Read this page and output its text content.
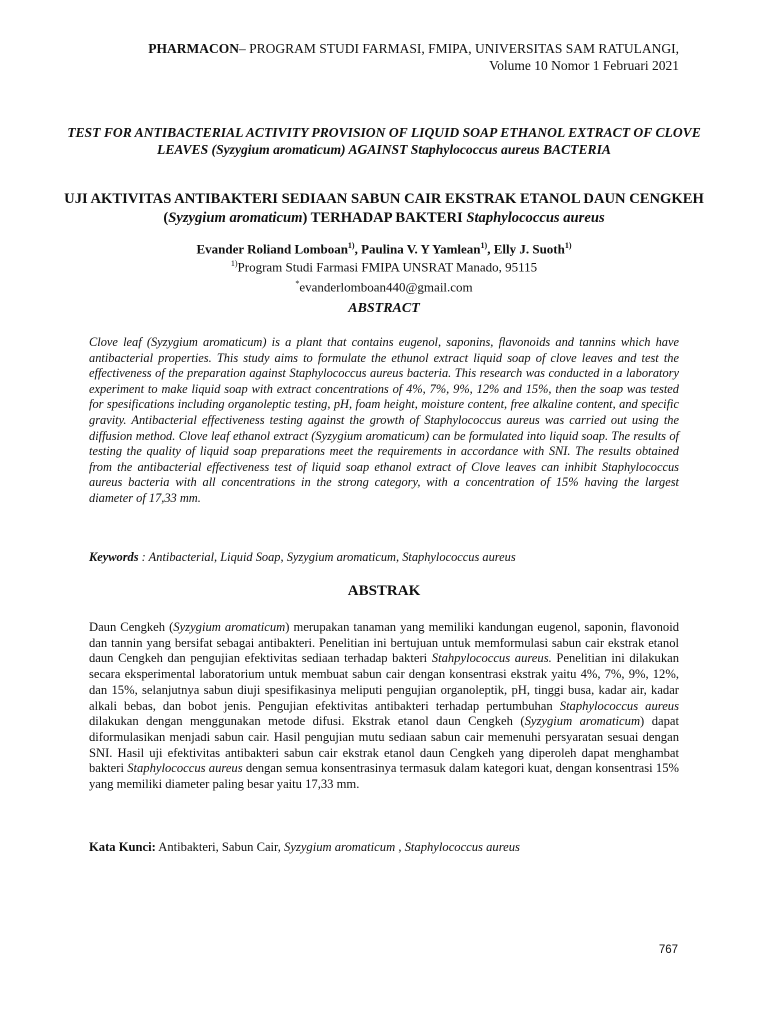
PHARMACON– PROGRAM STUDI FARMASI, FMIPA, UNIVERSITAS SAM RATULANGI,
Volume 10 Nomor 1 Februari 2021
TEST FOR ANTIBACTERIAL ACTIVITY PROVISION OF LIQUID SOAP ETHANOL EXTRACT OF CLOVE LEAVES (Syzygium aromaticum) AGAINST Staphylococcus aureus BACTERIA
UJI AKTIVITAS ANTIBAKTERI SEDIAAN SABUN CAIR EKSTRAK ETANOL DAUN CENGKEH (Syzygium aromaticum) TERHADAP BAKTERI Staphylococcus aureus
Evander Roliand Lomboan$^{1)}$, Paulina V. Y Yamlean$^{1)}$, Elly J. Suoth$^{1)}$
$^{1)}$Program Studi Farmasi FMIPA UNSRAT Manado, 95115
*evanderlomboan440@gmail.com
ABSTRACT
Clove leaf (Syzygium aromaticum) is a plant that contains eugenol, saponins, flavonoids and tannins which have antibacterial properties. This study aims to formulate the ethunol extract liquid soap of clove leaves and test the effectiveness of the preparation against Staphylococcus aureus bacteria. This research was conducted in a laboratory experiment to make liquid soap with extract concentrations of 4%, 7%, 9%, 12% and 15%, then the soap was tested for spesifications including organoleptic testing, pH, foam height, moisture content, free alkaline content, and specific gravity. Antibacterial effectiveness testing against the growth of Staphylococcus aureus was carried out using the diffusion method. Clove leaf ethanol extract (Syzygium aromaticum) can be formulated into liquid soap. The results of testing the quality of liquid soap preparations meet the requirements in accordance with SNI. The results obtained from the antibacterial effectiveness test of liquid soap ethanol extract of Clove leaves can inhibit Staphylococcus aureus bacteria with all concentrations in the strong category, with a concentration of 15% having the largest diameter of 17,33 mm.
Keywords : Antibacterial, Liquid Soap, Syzygium aromaticum, Staphylococcus aureus
ABSTRAK
Daun Cengkeh (Syzygium aromaticum) merupakan tanaman yang memiliki kandungan eugenol, saponin, flavonoid dan tannin yang bersifat sebagai antibakteri. Penelitian ini bertujuan untuk memformulasi sabun cair ekstrak etanol daun Cengkeh dan pengujian efektivitas sediaan terhadap bakteri Stahpylococcus aureus. Penelitian ini dilakukan secara eksperimental laboratorium untuk membuat sabun cair dengan konsentrasi ekstrak yaitu 4%, 7%, 9%, 12%, dan 15%, selanjutnya sabun diuji spesifikasinya meliputi pengujian organoleptik, pH, tinggi busa, kadar air, kadar alkali bebas, dan bobot jenis. Pengujian efektivitas antibakteri terhadap pertumbuhan Staphylococcus aureus dilakukan dengan menggunakan metode difusi. Ekstrak etanol daun Cengkeh (Syzygium aromaticum) dapat diformulasikan menjadi sabun cair. Hasil pengujian mutu sediaan sabun cair memenuhi persyaratan sesuai dengan SNI. Hasil uji efektivitas antibakteri sabun cair ekstrak etanol daun Cengkeh yang diperoleh dapat menghambat bakteri Staphylococcus aureus dengan semua konsentrasinya termasuk dalam kategori kuat, dengan konsentrasi 15% yang memiliki diameter paling besar yaitu 17,33 mm.
Kata Kunci: Antibakteri, Sabun Cair, Syzygium aromaticum , Staphylococcus aureus
767
